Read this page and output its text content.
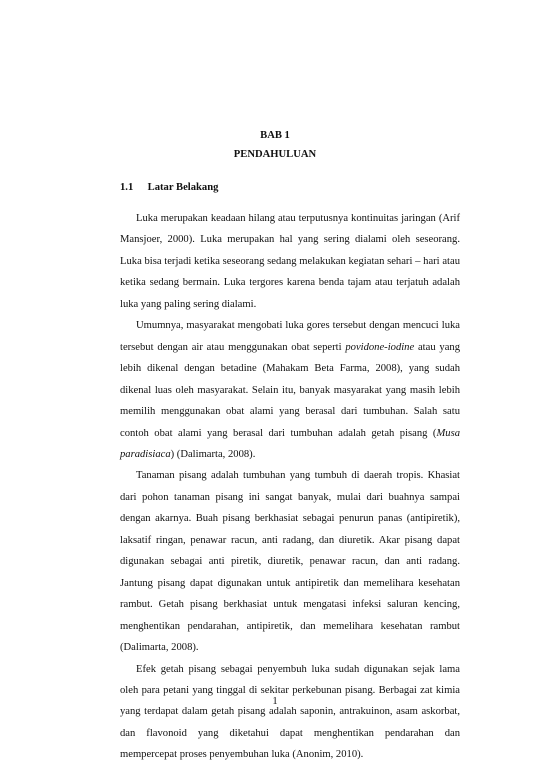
BAB 1
PENDAHULUAN
1.1 Latar Belakang

Luka merupakan keadaan hilang atau terputusnya kontinuitas jaringan (Arif Mansjoer, 2000). Luka merupakan hal yang sering dialami oleh seseorang. Luka bisa terjadi ketika seseorang sedang melakukan kegiatan sehari – hari atau ketika sedang bermain. Luka tergores karena benda tajam atau terjatuh adalah luka yang paling sering dialami.

Umumnya, masyarakat mengobati luka gores tersebut dengan mencuci luka tersebut dengan air atau menggunakan obat seperti povidone-iodine atau yang lebih dikenal dengan betadine (Mahakam Beta Farma, 2008), yang sudah dikenal luas oleh masyarakat. Selain itu, banyak masyarakat yang masih lebih memilih menggunakan obat alami yang berasal dari tumbuhan. Salah satu contoh obat alami yang berasal dari tumbuhan adalah getah pisang (Musa paradisiaca) (Dalimarta, 2008).

Tanaman pisang adalah tumbuhan yang tumbuh di daerah tropis. Khasiat dari pohon tanaman pisang ini sangat banyak, mulai dari buahnya sampai dengan akarnya. Buah pisang berkhasiat sebagai penurun panas (antipiretik), laksatif ringan, penawar racun, anti radang, dan diuretik. Akar pisang dapat digunakan sebagai anti piretik, diuretik, penawar racun, dan anti radang. Jantung pisang dapat digunakan untuk antipiretik dan memelihara kesehatan rambut. Getah pisang berkhasiat untuk mengatasi infeksi saluran kencing, menghentikan pendarahan, antipiretik, dan memelihara kesehatan rambut (Dalimarta, 2008).

Efek getah pisang sebagai penyembuh luka sudah digunakan sejak lama oleh para petani yang tinggal di sekitar perkebunan pisang. Berbagai zat kimia yang terdapat dalam getah pisang adalah saponin, antrakuinon, asam askorbat, dan flavonoid yang diketahui dapat menghentikan pendarahan dan mempercepat proses penyembuhan luka (Anonim, 2010).

1
